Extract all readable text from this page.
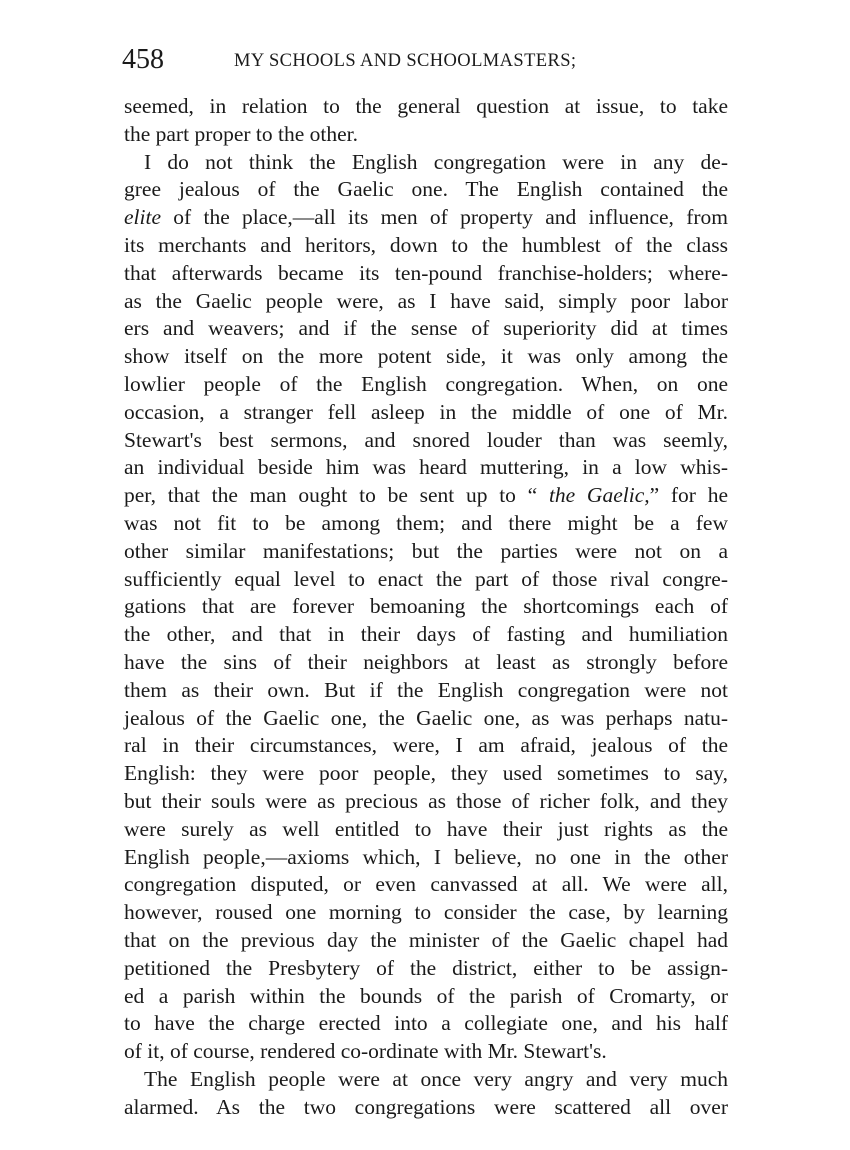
458	MY SCHOOLS AND SCHOOLMASTERS;

seemed, in relation to the general question at issue, to take
the part proper to the other.

I do not think the English congregation were in any de-
gree jealous of the Gaelic one. The English contained the
elite of the place,—all its men of property and influence, from
its merchants and heritors, down to the humblest of the class
that afterwards became its ten-pound franchise-holders; where-
as the Gaelic people were, as I have said, simply poor labor
ers and weavers; and if the sense of superiority did at times
show itself on the more potent side, it was only among the
lowlier people of the English congregation. When, on one
occasion, a stranger fell asleep in the middle of one of Mr.
Stewart's best sermons, and snored louder than was seemly,
an individual beside him was heard muttering, in a low whis-
per, that the man ought to be sent up to “ the Gaelic,” for he
was not fit to be among them; and there might be a few
other similar manifestations; but the parties were not on a
sufficiently equal level to enact the part of those rival congre-
gations that are forever bemoaning the shortcomings each of
the other, and that in their days of fasting and humiliation
have the sins of their neighbors at least as strongly before
them as their own. But if the English congregation were not
jealous of the Gaelic one, the Gaelic one, as was perhaps natu-
ral in their circumstances, were, I am afraid, jealous of the
English: they were poor people, they used sometimes to say,
but their souls were as precious as those of richer folk, and they
were surely as well entitled to have their just rights as the
English people,—axioms which, I believe, no one in the other
congregation disputed, or even canvassed at all. We were all,
however, roused one morning to consider the case, by learning
that on the previous day the minister of the Gaelic chapel had
petitioned the Presbytery of the district, either to be assign-
ed a parish within the bounds of the parish of Cromarty, or
to have the charge erected into a collegiate one, and his half
of it, of course, rendered co-ordinate with Mr. Stewart's.

The English people were at once very angry and very much
alarmed. As the two congregations were scattered all over
